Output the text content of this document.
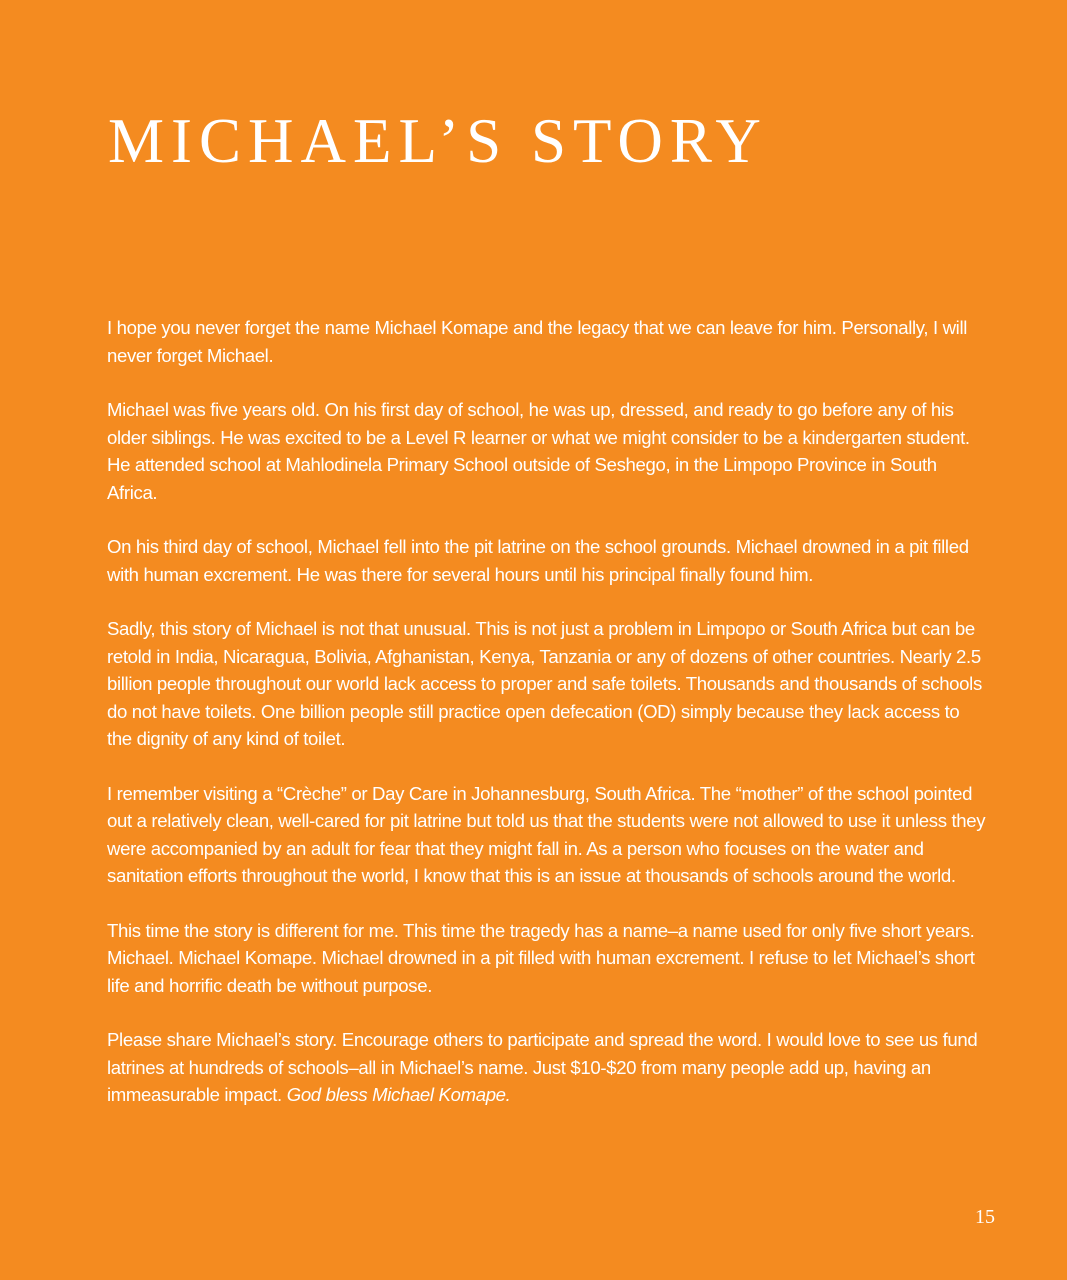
MICHAEL’S STORY

I hope you never forget the name Michael Komape and the legacy that we can leave for him. Personally, I will never forget Michael.

Michael was five years old. On his first day of school, he was up, dressed, and ready to go before any of his older siblings. He was excited to be a Level R learner or what we might consider to be a kindergarten student. He attended school at Mahlodinela Primary School outside of Seshego, in the Limpopo Province in South Africa.

On his third day of school, Michael fell into the pit latrine on the school grounds. Michael drowned in a pit filled with human excrement. He was there for several hours until his principal finally found him.

Sadly, this story of Michael is not that unusual. This is not just a problem in Limpopo or South Africa but can be retold in India, Nicaragua, Bolivia, Afghanistan, Kenya, Tanzania or any of dozens of other countries. Nearly 2.5 billion people throughout our world lack access to proper and safe toilets. Thousands and thousands of schools do not have toilets. One billion people still practice open defecation (OD) simply because they lack access to the dignity of any kind of toilet.

I remember visiting a “Crèche” or Day Care in Johannesburg, South Africa. The “mother” of the school pointed out a relatively clean, well-cared for pit latrine but told us that the students were not allowed to use it unless they were accompanied by an adult for fear that they might fall in. As a person who focuses on the water and sanitation efforts throughout the world, I know that this is an issue at thousands of schools around the world.

This time the story is different for me. This time the tragedy has a name–a name used for only five short years. Michael. Michael Komape. Michael drowned in a pit filled with human excrement. I refuse to let Michael’s short life and horrific death be without purpose.

Please share Michael’s story. Encourage others to participate and spread the word. I would love to see us fund latrines at hundreds of schools–all in Michael’s name. Just $10-$20 from many people add up, having an immeasurable impact. God bless Michael Komape.

15
